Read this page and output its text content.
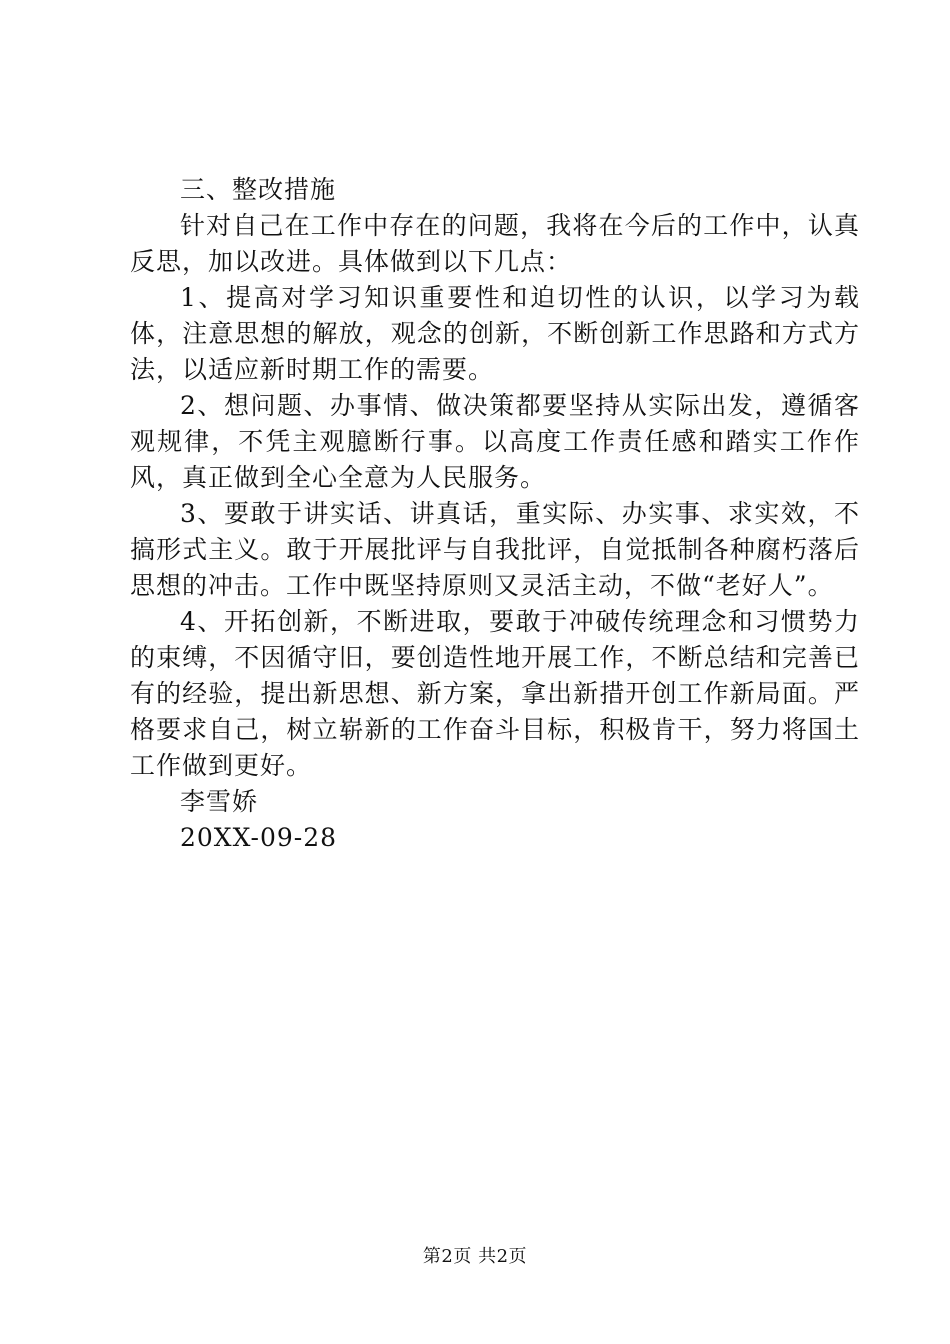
三、整改措施

针对自己在工作中存在的问题，我将在今后的工作中，认真反思，加以改进。具体做到以下几点：

1、提高对学习知识重要性和迫切性的认识，以学习为载体，注意思想的解放，观念的创新，不断创新工作思路和方式方法，以适应新时期工作的需要。

2、想问题、办事情、做决策都要坚持从实际出发，遵循客观规律，不凭主观臆断行事。以高度工作责任感和踏实工作作风，真正做到全心全意为人民服务。

3、要敢于讲实话、讲真话，重实际、办实事、求实效，不搞形式主义。敢于开展批评与自我批评，自觉抵制各种腐朽落后思想的冲击。工作中既坚持原则又灵活主动，不做“老好人”。

4、开拓创新，不断进取，要敢于冲破传统理念和习惯势力的束缚，不因循守旧，要创造性地开展工作，不断总结和完善已有的经验，提出新思想、新方案，拿出新措开创工作新局面。严格要求自己，树立崭新的工作奋斗目标，积极肯干，努力将国土工作做到更好。

李雪娇

20XX-09-28

第2页 共2页
